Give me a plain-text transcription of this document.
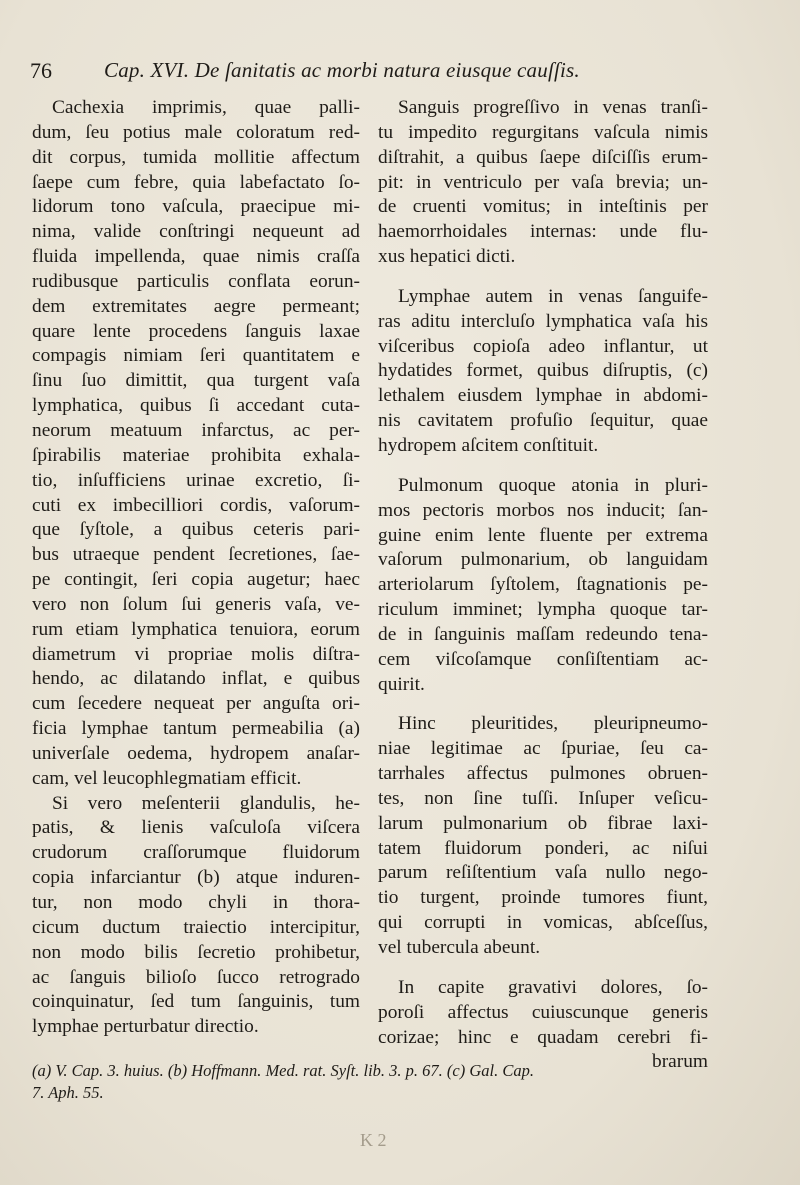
76 Cap. XVI. De ſanitatis ac morbi natura eiusque cauſſis.
Cachexia imprimis, quae palli-
dum, ſeu potius male coloratum red-
dit corpus, tumida mollitie affectum
ſaepe cum febre, quia labefactato ſo-
lidorum tono vaſcula, praecipue mi-
nima, valide conſtringi nequeunt ad
fluida impellenda, quae nimis craſſa
rudibusque particulis conflata eorun-
dem extremitates aegre permeant;
quare lente procedens ſanguis laxae
compagis nimiam ſeri quantitatem e
ſinu ſuo dimittit, qua turgent vaſa
lymphatica, quibus ſi accedant cuta-
neorum meatuum infarctus, ac per-
ſpirabilis materiae prohibita exhala-
tio, inſufficiens urinae excretio, ſi-
cuti ex imbecilliori cordis, vaſorum-
que ſyſtole, a quibus ceteris pari-
bus utraeque pendent ſecretiones, ſae-
pe contingit, ſeri copia augetur; haec
vero non ſolum ſui generis vaſa, ve-
rum etiam lymphatica tenuiora, eorum
diametrum vi propriae molis diſtra-
hendo, ac dilatando inflat, e quibus
cum ſecedere nequeat per anguſta ori-
ficia lymphae tantum permeabilia (a)
univerſale oedema, hydropem anaſar-
cam, vel leucophlegmatiam efficit.
Si vero meſenterii glandulis, he-
patis, & lienis vaſculoſa viſcera
crudorum craſſorumque fluidorum
copia infarciantur (b) atque induren-
tur, non modo chyli in thora-
cicum ductum traiectio intercipitur,
non modo bilis ſecretio prohibetur,
ac ſanguis bilioſo ſucco retrogrado
coinquinatur, ſed tum ſanguinis, tum
lymphae perturbatur directio.
Sanguis progreſſivo in venas tranſi-
tu impedito regurgitans vaſcula nimis
diſtrahit, a quibus ſaepe diſciſſis erum-
pit: in ventriculo per vaſa brevia; un-
de cruenti vomitus; in inteſtinis per
haemorrhoidales internas: unde flu-
xus hepatici dicti.
Lymphae autem in venas ſanguife-
ras aditu intercluſo lymphatica vaſa his
viſceribus copioſa adeo inflantur, ut
hydatides formet, quibus diſruptis, (c)
lethalem eiusdem lymphae in abdomi-
nis cavitatem profuſio ſequitur, quae
hydropem aſcitem conſtituit.
Pulmonum quoque atonia in pluri-
mos pectoris morbos nos inducit; ſan-
guine enim lente fluente per extrema
vaſorum pulmonarium, ob languidam
arteriolarum ſyſtolem, ſtagnationis pe-
riculum imminet; lympha quoque tar-
de in ſanguinis maſſam redeundo tena-
cem viſcoſamque conſiſtentiam ac-
quirit.
Hinc pleuritides, pleuripneumo-
niae legitimae ac ſpuriae, ſeu ca-
tarrhales affectus pulmones obruen-
tes, non ſine tuſſi. Inſuper veſicu-
larum pulmonarium ob fibrae laxi-
tatem fluidorum ponderi, ac niſui
parum reſiſtentium vaſa nullo nego-
tio turgent, proinde tumores fiunt,
qui corrupti in vomicas, abſceſſus,
vel tubercula abeunt.
In capite gravativi dolores, ſo-
poroſi affectus cuiuscunque generis
corizae; hinc e quadam cerebri fi-
brarum
(a) V. Cap. 3. huius. (b) Hoffmann. Med. rat. Syſt. lib. 3. p. 67. (c) Gal. Cap.
7. Aph. 55.
K 2
